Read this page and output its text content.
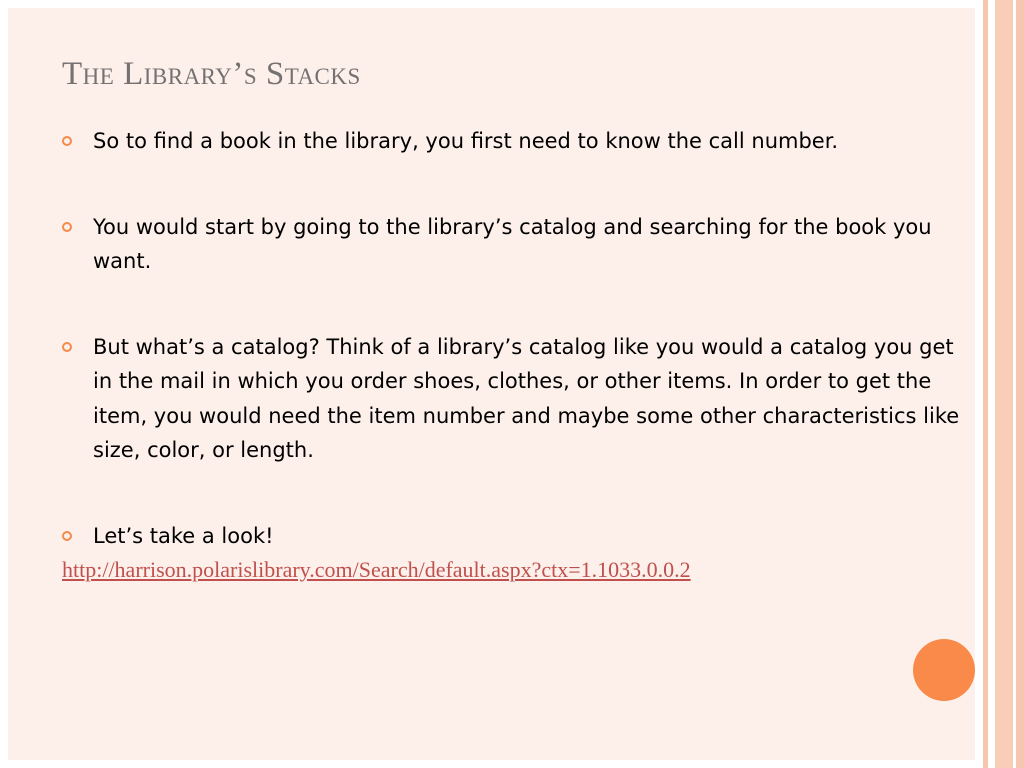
The Library’s Stacks
So to find a book in the library, you first need to know the call number.
You would start by going to the library’s catalog and searching for the book you want.
But what’s a catalog? Think of a library’s catalog like you would a catalog you get in the mail in which you order shoes, clothes, or other items. In order to get the item, you would need the item number and maybe some other characteristics like size, color, or length.
Let’s take a look!
http://harrison.polarislibrary.com/Search/default.aspx?ctx=1.1033.0.0.2
